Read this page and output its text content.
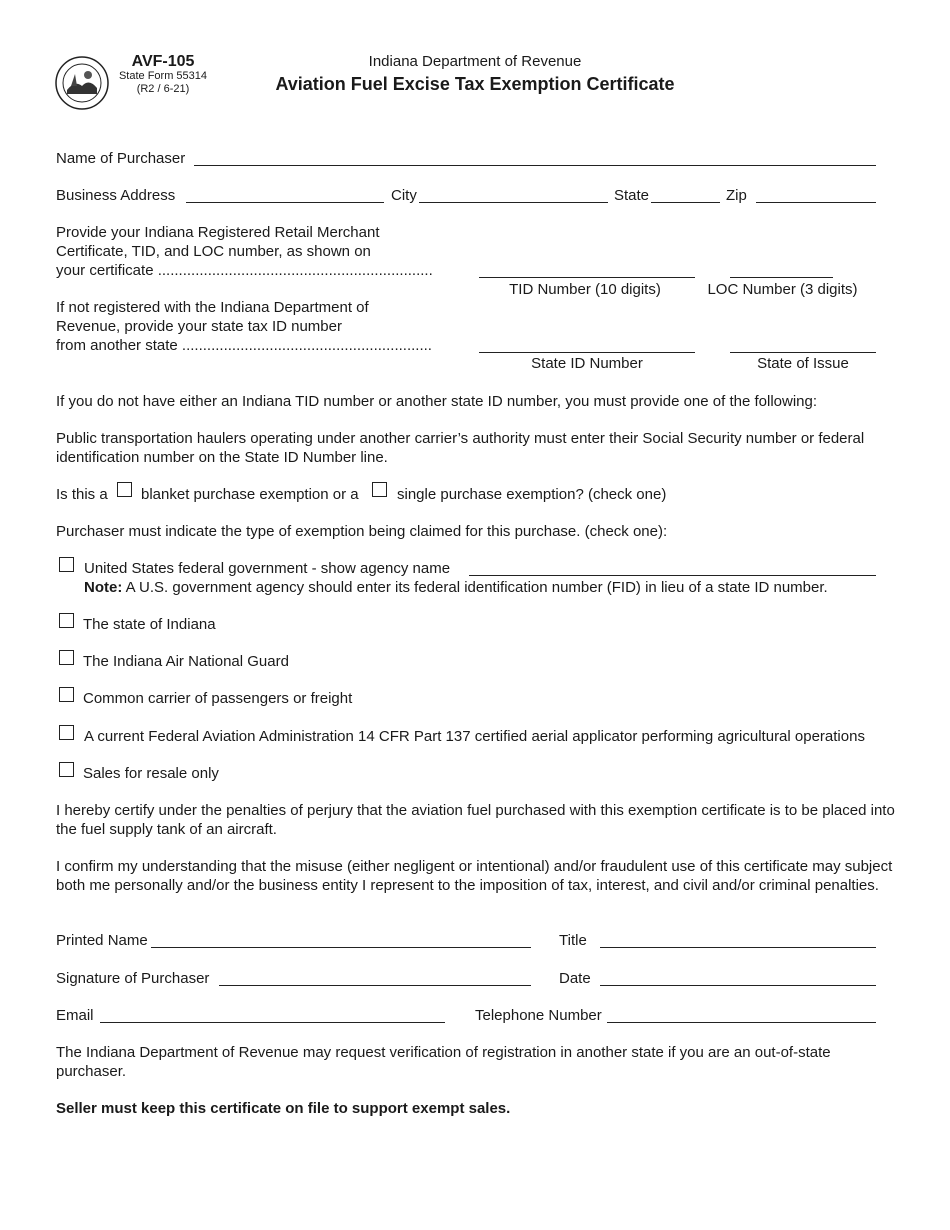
AVF-105
State Form 55314
(R2 / 6-21)
Indiana Department of Revenue
Aviation Fuel Excise Tax Exemption Certificate
Name of Purchaser
Business Address	City	State	Zip
Provide your Indiana Registered Retail Merchant
Certificate, TID, and LOC number, as shown on
your certificate ..................................................................
TID Number (10 digits)	LOC Number (3 digits)
If not registered with the Indiana Department of
Revenue, provide your state tax ID number
from another state ............................................................
State ID Number	State of Issue
If you do not have either an Indiana TID number or another state ID number, you must provide one of the following:
Public transportation haulers operating under another carrier’s authority must enter their Social Security number or federal identification number on the State ID Number line.
Is this a blanket purchase exemption or a	single purchase exemption? (check one)
Purchaser must indicate the type of exemption being claimed for this purchase. (check one):
United States federal government - show agency name
Note: A U.S. government agency should enter its federal identification number (FID) in lieu of a state ID number.
The state of Indiana
The Indiana Air National Guard
Common carrier of passengers or freight
A current Federal Aviation Administration 14 CFR Part 137 certified aerial applicator performing agricultural operations
Sales for resale only
I hereby certify under the penalties of perjury that the aviation fuel purchased with this exemption certificate is to be placed into the fuel supply tank of an aircraft.
I confirm my understanding that the misuse (either negligent or intentional) and/or fraudulent use of this certificate may subject both me personally and/or the business entity I represent to the imposition of tax, interest, and civil and/or criminal penalties.
Printed Name	Title
Signature of Purchaser	Date
Email	Telephone Number
The Indiana Department of Revenue may request verification of registration in another state if you are an out-of-state purchaser.
Seller must keep this certificate on file to support exempt sales.
